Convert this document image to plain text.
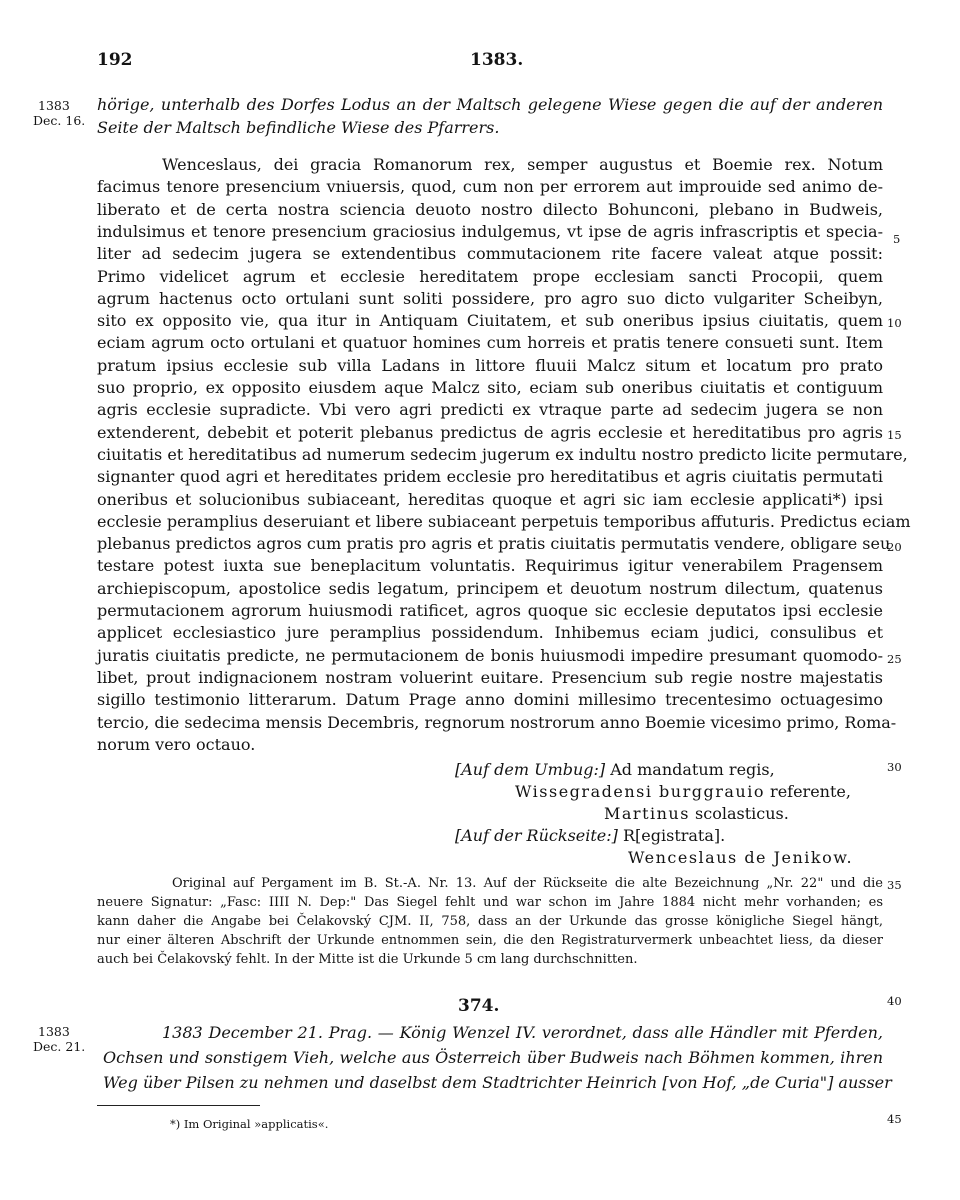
192	1383.
1383
Dec. 16.
hörige, unterhalb des Dorfes Lodus an der Maltsch gelegene Wiese gegen die auf der anderen
Seite der Maltsch befindliche Wiese des Pfarrers.
Wenceslaus, dei gracia Romanorum rex, semper augustus et Boemie rex. Notum
facimus tenore presencium vniuersis, quod, cum non per errorem aut improuide sed animo de-
liberato et de certa nostra sciencia deuoto nostro dilecto Bohunconi, plebano in Budweis,
indulsimus et tenore presencium graciosius indulgemus, vt ipse de agris infrascriptis et specia-
liter ad sedecim jugera se extendentibus commutacionem rite facere valeat atque possit:
Primo videlicet agrum et ecclesie hereditatem prope ecclesiam sancti Procopii, quem
agrum hactenus octo ortulani sunt soliti possidere, pro agro suo dicto vulgariter Scheibyn,
sito ex opposito vie, qua itur in Antiquam Ciuitatem, et sub oneribus ipsius ciuitatis, quem
eciam agrum octo ortulani et quatuor homines cum horreis et pratis tenere consueti sunt. Item
pratum ipsius ecclesie sub villa Ladans in littore fluuii Malcz situm et locatum pro prato
suo proprio, ex opposito eiusdem aque Malcz sito, eciam sub oneribus ciuitatis et contiguum
agris ecclesie supradicte. Vbi vero agri predicti ex vtraque parte ad sedecim jugera se non
extenderent, debebit et poterit plebanus predictus de agris ecclesie et hereditatibus pro agris
ciuitatis et hereditatibus ad numerum sedecim jugerum ex indultu nostro predicto licite permutare,
signanter quod agri et hereditates pridem ecclesie pro hereditatibus et agris ciuitatis permutati
oneribus et solucionibus subiaceant, hereditas quoque et agri sic iam ecclesie applicati*) ipsi
ecclesie peramplius deseruiant et libere subiaceant perpetuis temporibus affuturis. Predictus eciam
plebanus predictos agros cum pratis pro agris et pratis ciuitatis permutatis vendere, obligare seu
testare potest iuxta sue beneplacitum voluntatis. Requirimus igitur venerabilem Pragensem
archiepiscopum, apostolice sedis legatum, principem et deuotum nostrum dilectum, quatenus
permutacionem agrorum huiusmodi ratificet, agros quoque sic ecclesie deputatos ipsi ecclesie
applicet ecclesiastico jure peramplius possidendum. Inhibemus eciam judici, consulibus et
juratis ciuitatis predicte, ne permutacionem de bonis huiusmodi impedire presumant quomodo-
libet, prout indignacionem nostram voluerint euitare. Presencium sub regie nostre majestatis
sigillo testimonio litterarum. Datum Prage anno domini millesimo trecentesimo octuagesimo
tercio, die sedecima mensis Decembris, regnorum nostrorum anno Boemie vicesimo primo, Roma-
norum vero octauo.
[Auf dem Umbug:] Ad mandatum regis,
Wissegradensi burggrauio referente,
Martinus scolasticus.
[Auf der Rückseite:] R[egistrata].
Wenceslaus de Jenikow.
Original auf Pergament im B. St.-A. Nr. 13. Auf der Rückseite die alte Bezeichnung „Nr. 22" und die
neuere Signatur: „Fasc: IIII N. Dep:" Das Siegel fehlt und war schon im Jahre 1884 nicht mehr vorhanden; es
kann daher die Angabe bei Čelakovský CJM. II, 758, dass an der Urkunde das grosse königliche Siegel hängt,
nur einer älteren Abschrift der Urkunde entnommen sein, die den Registraturvermerk unbeachtet liess, da dieser
auch bei Čelakovský fehlt. In der Mitte ist die Urkunde 5 cm lang durchschnitten.
5
10
15
20
25
30
35
40
45
374.
1383
Dec. 21.
1383 December 21. Prag. — König Wenzel IV. verordnet, dass alle Händler mit Pferden,
Ochsen und sonstigem Vieh, welche aus Österreich über Budweis nach Böhmen kommen, ihren
Weg über Pilsen zu nehmen und daselbst dem Stadtrichter Heinrich [von Hof, „de Curia"] ausser
*) Im Original »applicatis«.
